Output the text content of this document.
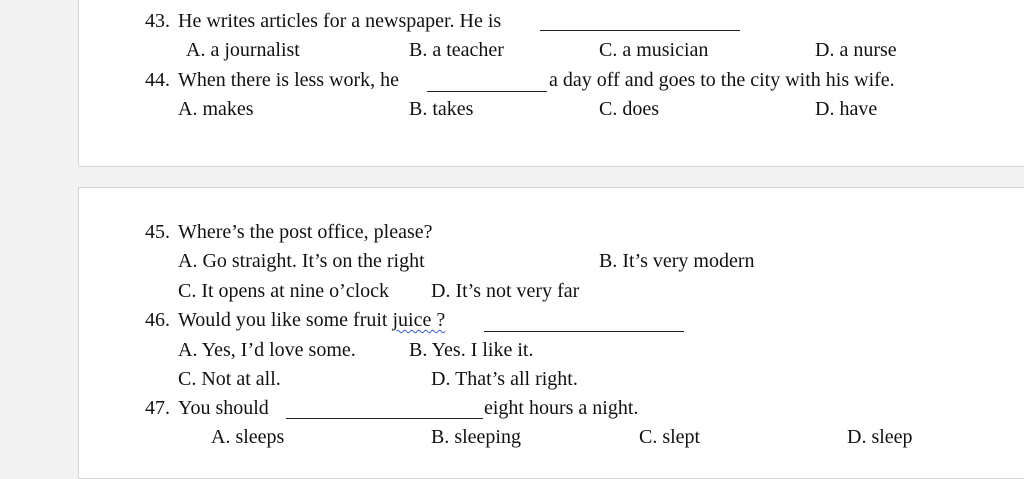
43. He writes articles for a newspaper. He is
A. a journalist	B. a teacher	C. a musician	D. a nurse
44. When there is less work, he	a day off and goes to the city with his wife.
A. makes	B. takes	C. does	D. have
45. Where’s the post office, please?
A. Go straight. It’s on the right	B. It’s very modern
C. It opens at nine o’clock D. It’s not very far
46. Would you like some fruit juice ?
A. Yes, I’d love some.	B. Yes. I like it.
C. Not at all.	D. That’s all right.
47. You should	eight hours a night.
A. sleeps	B. sleeping	C. slept	D. sleep
